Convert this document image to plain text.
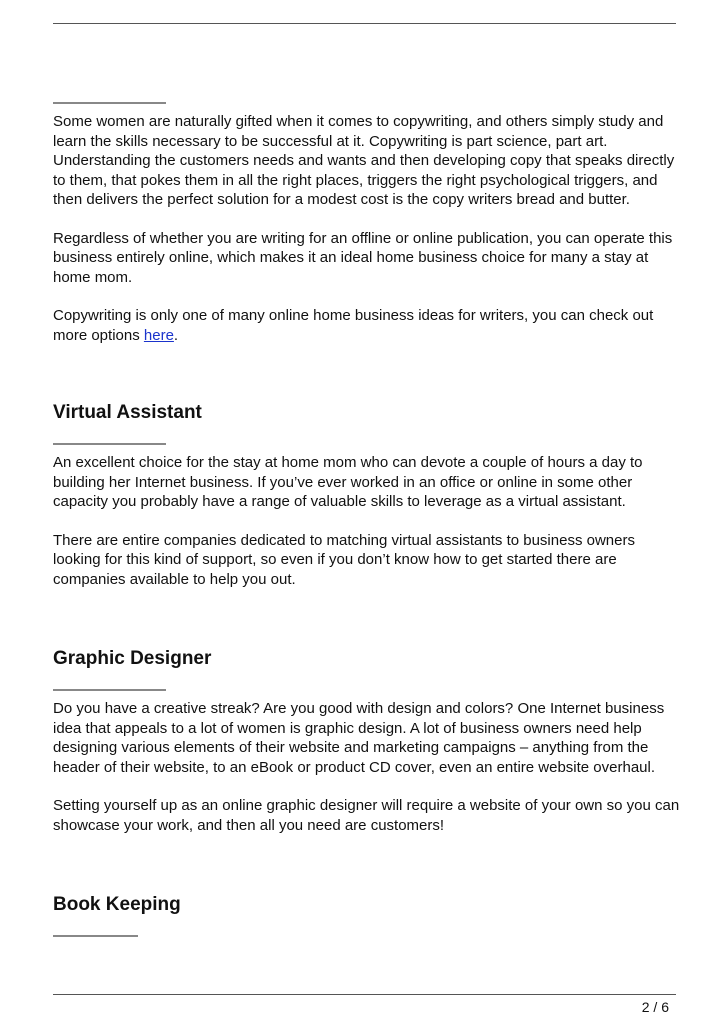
————————

Some women are naturally gifted when it comes to copywriting, and others simply study and learn the skills necessary to be successful at it. Copywriting is part science, part art. Understanding the customers needs and wants and then developing copy that speaks directly to them, that pokes them in all the right places, triggers the right psychological triggers, and then delivers the perfect solution for a modest cost is the copy writers bread and butter.

Regardless of whether you are writing for an offline or online publication, you can operate this business entirely online, which makes it an ideal home business choice for many a stay at home mom.

Copywriting is only one of many online home business ideas for writers, you can check out more options here.

Virtual Assistant
————————

An excellent choice for the stay at home mom who can devote a couple of hours a day to building her Internet business. If you’ve ever worked in an office or online in some other capacity you probably have a range of valuable skills to leverage as a virtual assistant.

There are entire companies dedicated to matching virtual assistants to business owners looking for this kind of support, so even if you don’t know how to get started there are companies available to help you out.

Graphic Designer
————————

Do you have a creative streak? Are you good with design and colors? One Internet business idea that appeals to a lot of women is graphic design. A lot of business owners need help designing various elements of their website and marketing campaigns – anything from the header of their website, to an eBook or product CD cover, even an entire website overhaul.

Setting yourself up as an online graphic designer will require a website of your own so you can showcase your work, and then all you need are customers!

Book Keeping
——————
2 / 6
